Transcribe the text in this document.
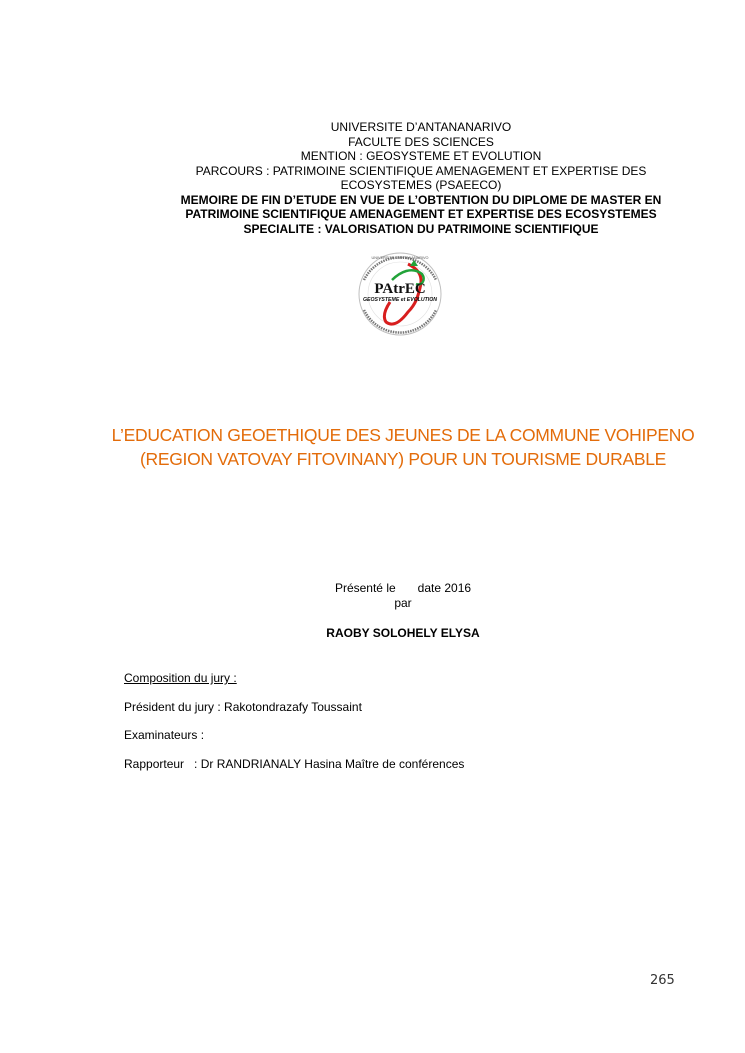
UNIVERSITE D’ANTANANARIVO
FACULTE DES SCIENCES
MENTION : GEOSYSTEME ET EVOLUTION
PARCOURS : PATRIMOINE SCIENTIFIQUE AMENAGEMENT ET EXPERTISE DES
ECOSYSTEMES (PSAEECO)
MEMOIRE DE FIN D’ETUDE EN VUE DE L’OBTENTION DU DIPLOME DE MASTER EN
PATRIMOINE SCIENTIFIQUE AMENAGEMENT ET EXPERTISE DES ECOSYSTEMES
SPECIALITE : VALORISATION DU PATRIMOINE SCIENTIFIQUE
PAtrEC
GEOSYSTEME et EVOLUTION
UNIVERSITE D'ANTANANARIVO
L’EDUCATION GEOETHIQUE DES JEUNES DE LA COMMUNE VOHIPENO
(REGION VATOVAY FITOVINANY) POUR UN TOURISME DURABLE
Présenté le date 2016
par
RAOBY SOLOHELY ELYSA
Composition du jury :
Président du jury : Rakotondrazafy Toussaint
Examinateurs :
Rapporteur   : Dr RANDRIANALY Hasina Maître de conférences
265
